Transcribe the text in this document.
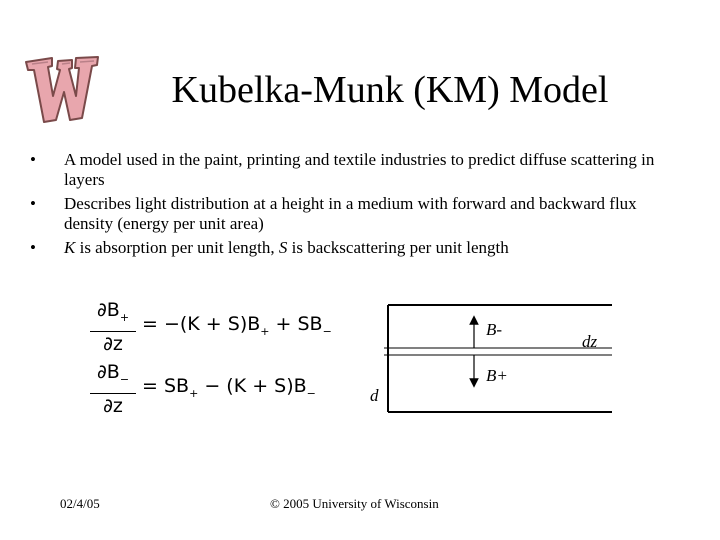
Kubelka-Munk (KM) Model
• A model used in the paint, printing and textile industries to predict diffuse scattering in layers
• Describes light distribution at a height in a medium with forward and backward flux density (energy per unit area)
• K is absorption per unit length, S is backscattering per unit length
$\frac{\partial B_+}{\partial z} = -(K + S)B_+ + SB_-$
$\frac{\partial B_-}{\partial z} = SB_+ - (K + S)B_-$
B-
B+
dz
d
02/4/05	© 2005 University of Wisconsin
